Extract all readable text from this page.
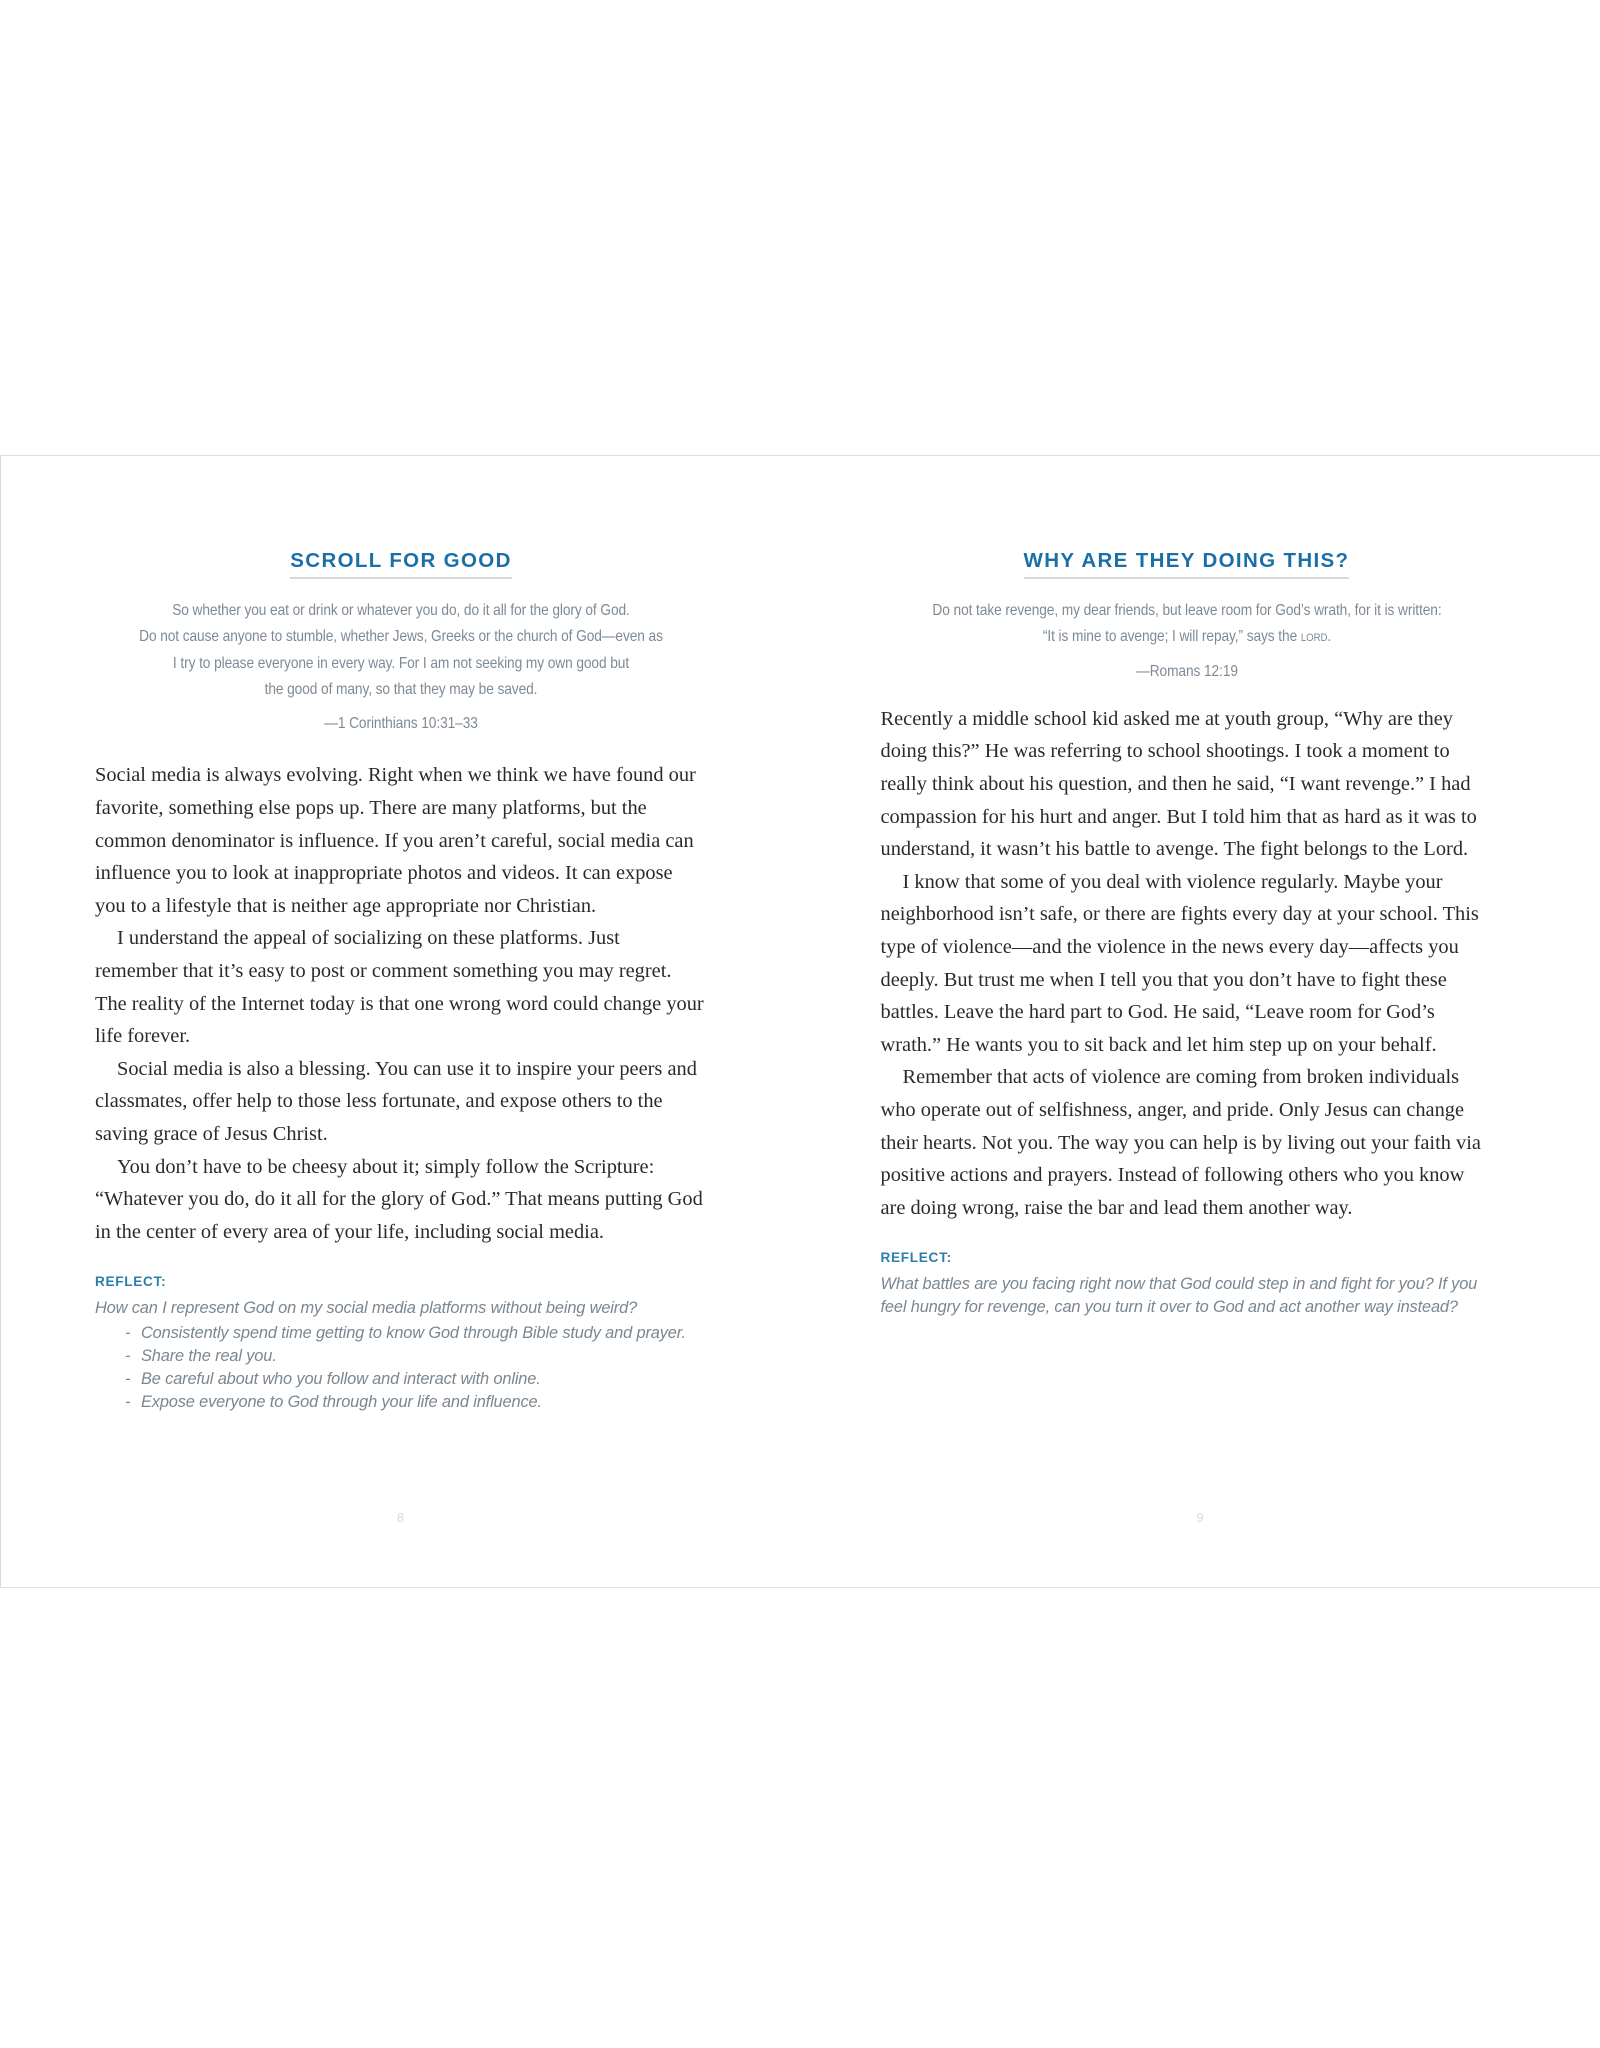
SCROLL FOR GOOD
So whether you eat or drink or whatever you do, do it all for the glory of God.
Do not cause anyone to stumble, whether Jews, Greeks or the church of God—even as
I try to please everyone in every way. For I am not seeking my own good but
the good of many, so that they may be saved.
—1 Corinthians 10:31–33

Social media is always evolving. Right when we think we have found our favorite, something else pops up. There are many platforms, but the common denominator is influence. If you aren’t careful, social media can influence you to look at inappropriate photos and videos. It can expose you to a lifestyle that is neither age appropriate nor Christian.

I understand the appeal of socializing on these platforms. Just remember that it’s easy to post or comment something you may regret. The reality of the Internet today is that one wrong word could change your life forever.

Social media is also a blessing. You can use it to inspire your peers and classmates, offer help to those less fortunate, and expose others to the saving grace of Jesus Christ.

You don’t have to be cheesy about it; simply follow the Scripture: “Whatever you do, do it all for the glory of God.” That means putting God in the center of every area of your life, including social media.

REFLECT:
How can I represent God on my social media platforms without being weird?
- Consistently spend time getting to know God through Bible study and prayer.
- Share the real you.
- Be careful about who you follow and interact with online.
- Expose everyone to God through your life and influence.
8
WHY ARE THEY DOING THIS?
Do not take revenge, my dear friends, but leave room for God’s wrath, for it is written:
“It is mine to avenge; I will repay,” says the lord.
—Romans 12:19

Recently a middle school kid asked me at youth group, “Why are they doing this?” He was referring to school shootings. I took a moment to really think about his question, and then he said, “I want revenge.” I had compassion for his hurt and anger. But I told him that as hard as it was to understand, it wasn’t his battle to avenge. The fight belongs to the Lord.

I know that some of you deal with violence regularly. Maybe your neighborhood isn’t safe, or there are fights every day at your school. This type of violence—and the violence in the news every day—affects you deeply. But trust me when I tell you that you don’t have to fight these battles. Leave the hard part to God. He said, “Leave room for God’s wrath.” He wants you to sit back and let him step up on your behalf.

Remember that acts of violence are coming from broken individuals who operate out of selfishness, anger, and pride. Only Jesus can change their hearts. Not you. The way you can help is by living out your faith via positive actions and prayers. Instead of following others who you know are doing wrong, raise the bar and lead them another way.

REFLECT:
What battles are you facing right now that God could step in and fight for you? If you feel hungry for revenge, can you turn it over to God and act another way instead?
9
